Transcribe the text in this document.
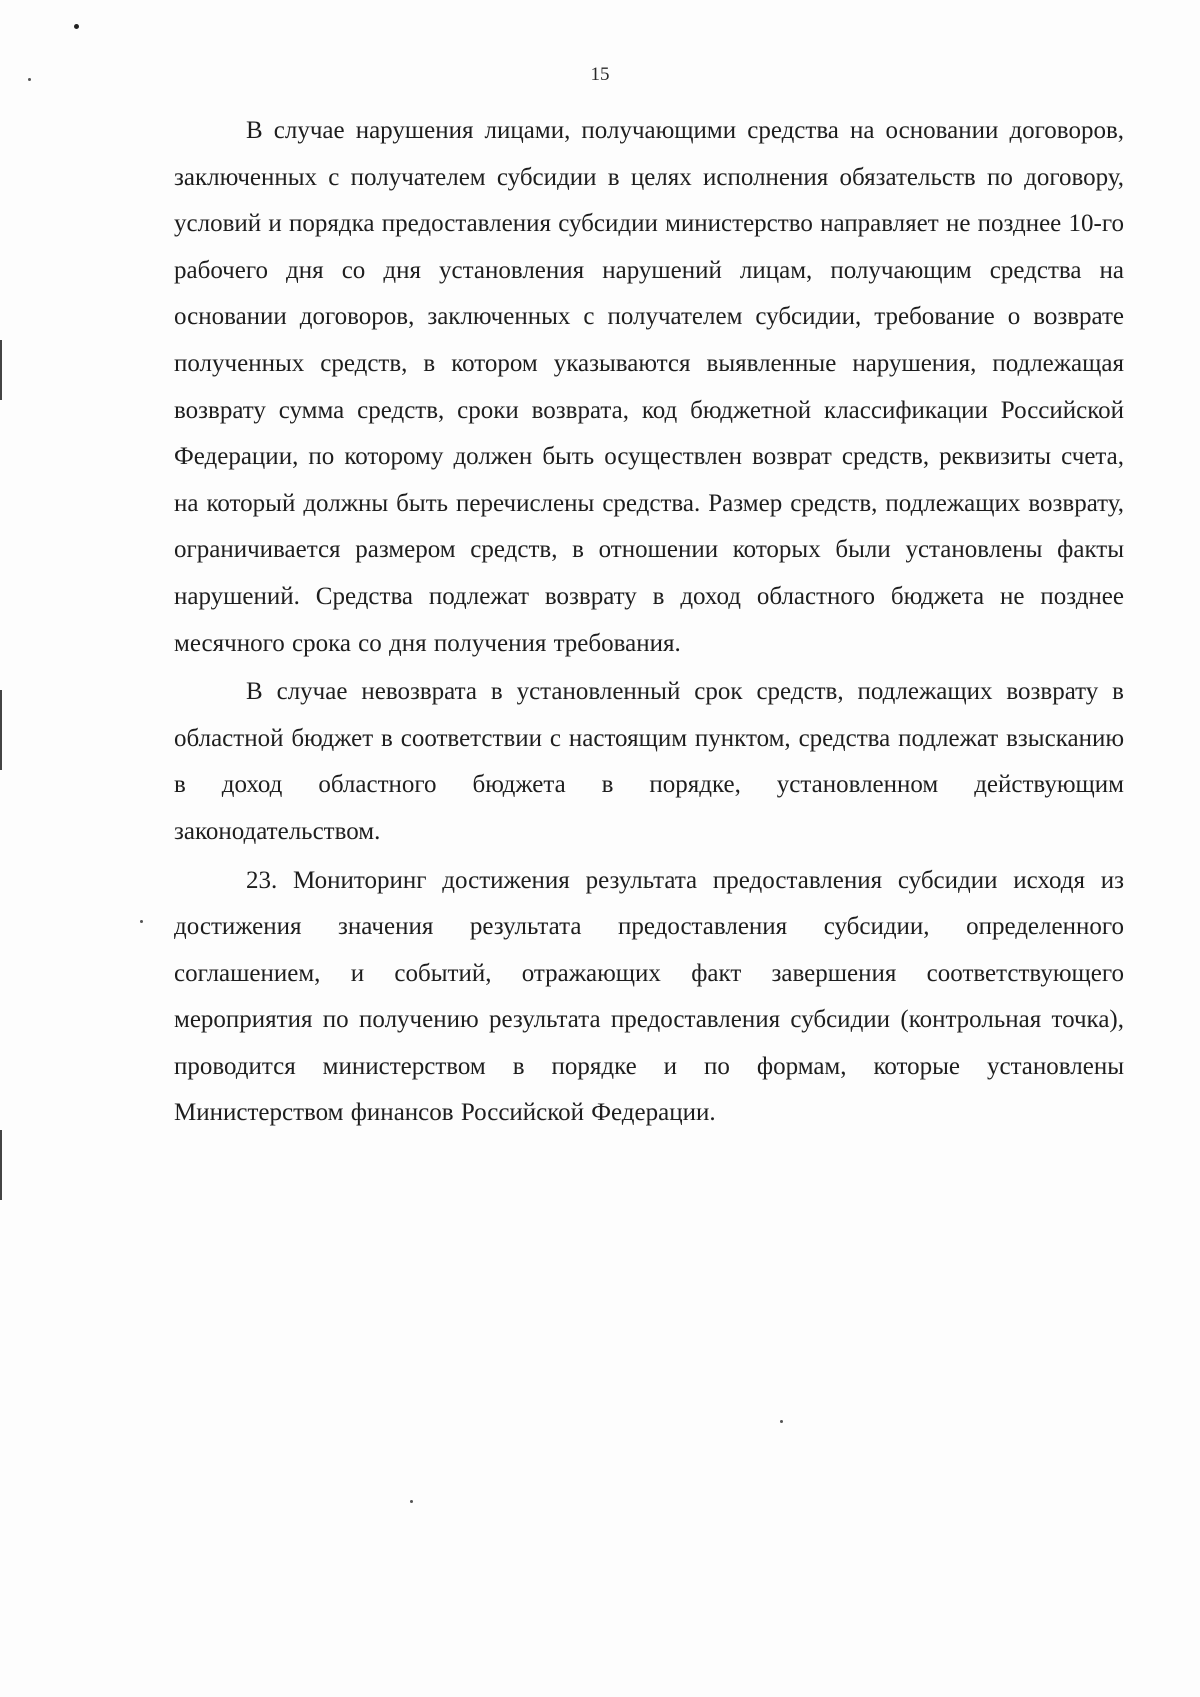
15

В случае нарушения лицами, получающими средства на основании договоров, заключенных с получателем субсидии в целях исполнения обязательств по договору, условий и порядка предоставления субсидии министерство направляет не позднее 10-го рабочего дня со дня установления нарушений лицам, получающим средства на основании договоров, заключенных с получателем субсидии, требование о возврате полученных средств, в котором указываются выявленные нарушения, подлежащая возврату сумма средств, сроки возврата, код бюджетной классификации Российской Федерации, по которому должен быть осуществлен возврат средств, реквизиты счета, на который должны быть перечислены средства. Размер средств, подлежащих возврату, ограничивается размером средств, в отношении которых были установлены факты нарушений. Средства подлежат возврату в доход областного бюджета не позднее месячного срока со дня получения требования.

В случае невозврата в установленный срок средств, подлежащих возврату в областной бюджет в соответствии с настоящим пунктом, средства подлежат взысканию в доход областного бюджета в порядке, установленном действующим законодательством.

23. Мониторинг достижения результата предоставления субсидии исходя из достижения значения результата предоставления субсидии, определенного соглашением, и событий, отражающих факт завершения соответствующего мероприятия по получению результата предоставления субсидии (контрольная точка), проводится министерством в порядке и по формам, которые установлены Министерством финансов Российской Федерации.
